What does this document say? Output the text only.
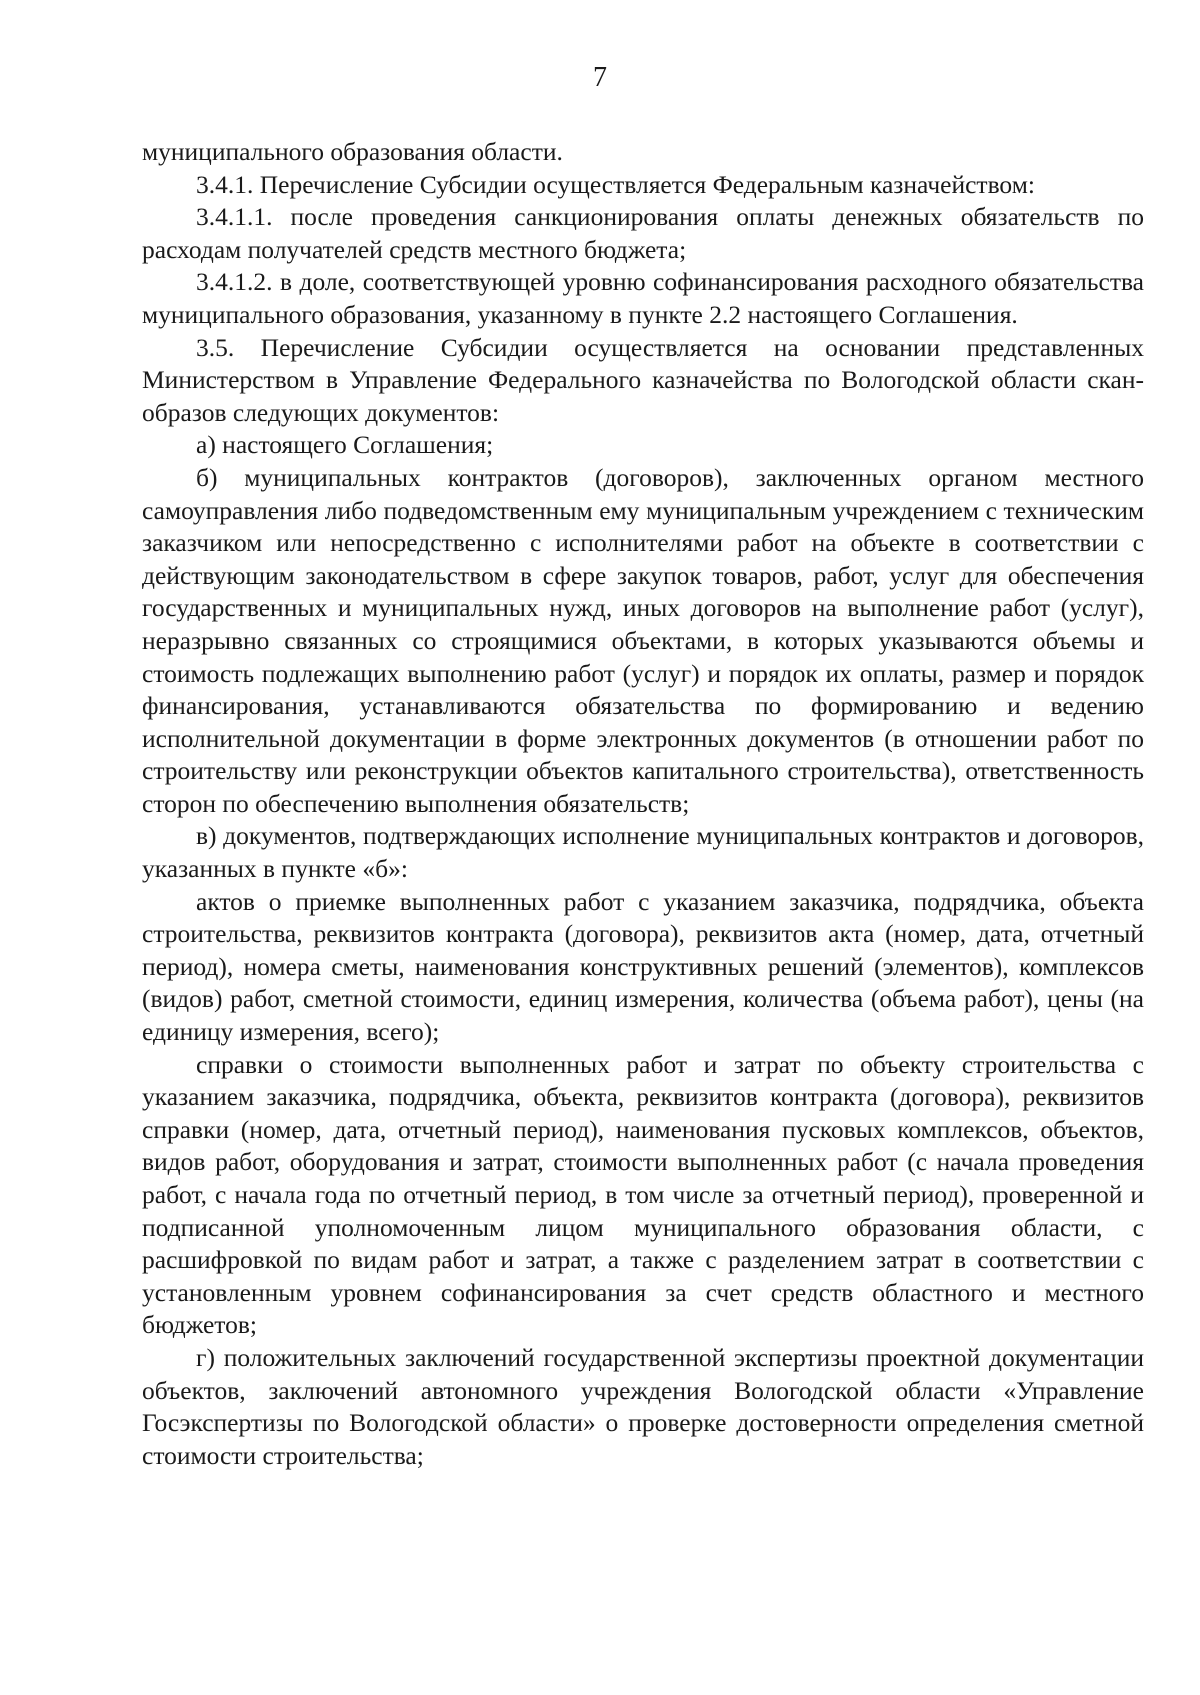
7

муниципального образования области.

3.4.1. Перечисление Субсидии осуществляется Федеральным казначейством:

3.4.1.1. после проведения санкционирования оплаты денежных обязательств по расходам получателей средств местного бюджета;

3.4.1.2. в доле, соответствующей уровню софинансирования расходного обязательства муниципального образования, указанному в пункте 2.2 настоящего Соглашения.

3.5. Перечисление Субсидии осуществляется на основании представленных Министерством в Управление Федерального казначейства по Вологодской области скан-образов следующих документов:

а) настоящего Соглашения;

б) муниципальных контрактов (договоров), заключенных органом местного самоуправления либо подведомственным ему муниципальным учреждением с техническим заказчиком или непосредственно с исполнителями работ на объекте в соответствии с действующим законодательством в сфере закупок товаров, работ, услуг для обеспечения государственных и муниципальных нужд, иных договоров на выполнение работ (услуг), неразрывно связанных со строящимися объектами, в которых указываются объемы и стоимость подлежащих выполнению работ (услуг) и порядок их оплаты, размер и порядок финансирования, устанавливаются обязательства по формированию и ведению исполнительной документации в форме электронных документов (в отношении работ по строительству или реконструкции объектов капитального строительства), ответственность сторон по обеспечению выполнения обязательств;

в) документов, подтверждающих исполнение муниципальных контрактов и договоров, указанных в пункте «б»:

актов о приемке выполненных работ с указанием заказчика, подрядчика, объекта строительства, реквизитов контракта (договора), реквизитов акта (номер, дата, отчетный период), номера сметы, наименования конструктивных решений (элементов), комплексов (видов) работ, сметной стоимости, единиц измерения, количества (объема работ), цены (на единицу измерения, всего);

справки о стоимости выполненных работ и затрат по объекту строительства с указанием заказчика, подрядчика, объекта, реквизитов контракта (договора), реквизитов справки (номер, дата, отчетный период), наименования пусковых комплексов, объектов, видов работ, оборудования и затрат, стоимости выполненных работ (с начала проведения работ, с начала года по отчетный период, в том числе за отчетный период), проверенной и подписанной уполномоченным лицом муниципального образования области, с расшифровкой по видам работ и затрат, а также с разделением затрат в соответствии с установленным уровнем софинансирования за счет средств областного и местного бюджетов;

г) положительных заключений государственной экспертизы проектной документации объектов, заключений автономного учреждения Вологодской области «Управление Госэкспертизы по Вологодской области» о проверке достоверности определения сметной стоимости строительства;
